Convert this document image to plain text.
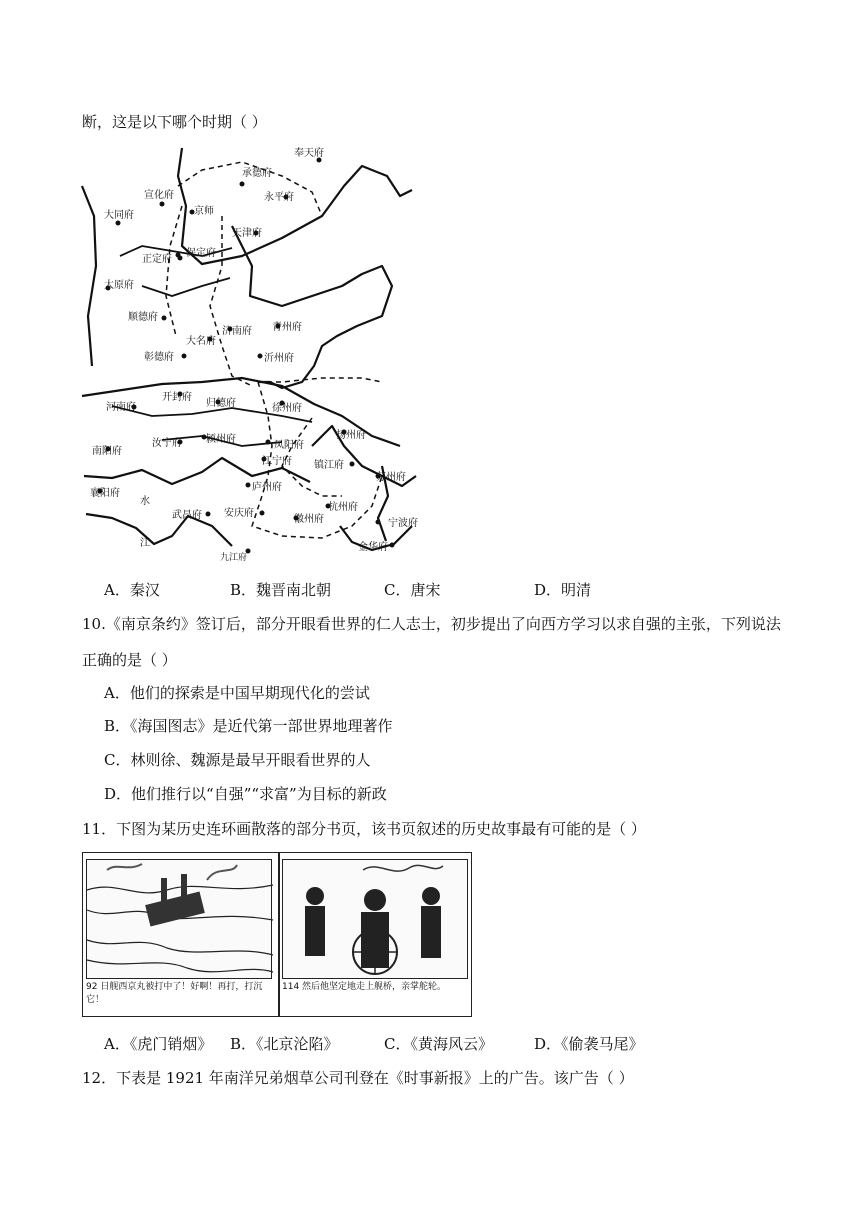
断，这是以下哪个时期（ ）
奉天府
承德府
永平府
宣化府
京师
大同府
天津府
正定府
保定府
太原府
顺德府
济南府 青州府
大名府
彰德府	沂州府
开封府
归德府
河南府	徐州府
扬州府
南阳府
汝宁府 颍州府
凤阳府
江宁府 镇江府
苏州府
襄阳府
水
庐州府
武昌府 安庆府
徽州府
杭州府
宁波府
江
九江府
金华府
A．秦汉	B．魏晋南北朝	C．唐宋	D．明清
10.《南京条约》签订后，部分开眼看世界的仁人志士，初步提出了向西方学习以求自强的主张，下列说法
正确的是（ ）
A．他们的探索是中国早期现代化的尝试
B．《海国图志》是近代第一部世界地理著作
C．林则徐、魏源是最早开眼看世界的人
D．他们推行以“自强”“求富”为目标的新政
11．下图为某历史连环画散落的部分书页，该书页叙述的历史故事最有可能的是（ ）
92 日舰西京丸被打中了！好啊！再打，打沉它！
114 然后他坚定地走上舰桥，亲掌舵轮。
A．《虎门销烟》 B．《北京沦陷》	C．《黄海风云》	D．《偷袭马尾》
12．下表是 1921 年南洋兄弟烟草公司刊登在《时事新报》上的广告。该广告（ ）
